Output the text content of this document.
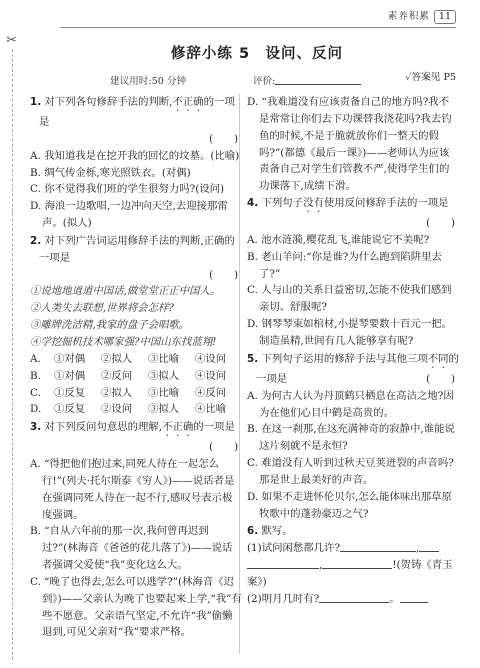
素养积累 11
✂
修辞小练 5　设问、反问
建议用时:50 分钟	评价:	✓答案见 P5
1. 对下列各句修辞手法的判断,不正确的一项是
(　　)
A. 我知道我是在挖开我的回忆的坟墓。(比喻)
B. 绸气传金栎,寒光照铁衣。(对偶)
C. 你不觉得我们班的学生很努力吗?(设问)
D. 海浪一边歌唱,一边冲向天空,去迎接那雷声。(拟人)
2. 对下列广告词运用修辞手法的判断,正确的一项是
(　　)
①说地地道道中国话,做堂堂正正中国人。
②人类失去联想,世界将会怎样?
③雕牌洗洁精,我家的盘子会唱歌。
④学挖掘机技术哪家强?中国山东找蓝翔!
A.	①对偶	②拟人	③比喻	④设问
B.	①对偶	②反问	③拟人	④设问
C.	①反复	②拟人	③比喻	④反问
D.	①反复	②设问	③拟人	④比喻
3. 对下列反问句意思的理解,不正确的一项是
(　　)
A. “得把他们抱过来,同死人待在一起怎么行!”(列夫·托尔斯泰《穷人》)——说话者是在强调同死人待在一起不行,感叹号表示极度强调。
B. “自从六年前的那一次,我何曾再迟到过?”(林海音《爸爸的花儿落了》)——说话者强调父爱使“我”变化这么大。
C. “晚了也得去,怎么可以逃学?”(林海音《迟到》)——父亲认为晚了也要起来上学,“我”有些不愿意。父亲语气坚定,不允许“我”偷懒退到,可见父亲对“我”要求严格。
D. “我难道没有应该责备自己的地方吗?我不是常常让你们去下功课替我浇花吗?我去钓鱼的时候,不是于脆就放你们一整天的假吗?”(都德《最后一课》)——老师认为应该责备自己对学生们管教不严,使得学生们的功课落下,成绩下滑。
4. 下列句子没有使用反问修辞手法的一项是
(　　)
A. 池水涟漪,樱花乱飞,谁能说它不美呢?
B. 老山羊问:“你是谁?为什么跑到陷阱里去了?”
C. 人与山的关系日益密切,怎能不使我们感到亲切、舒服呢?
D. 钢琴琴束如棺材,小提琴要数十百元一把。制造虽精,世间有几人能够享有呢?
5. 下列句子运用的修辞手法与其他三项不同的一项是	(　　)
A. 为何古人认为丹顶鹤只栖息在高洁之地?因为在他们心目中鹤是高贵的。
B. 在这一刹那,在这充满神奇的寂静中,谁能说这片刻就不是永恒?
C. 难道没有人听到过秋天豆荚迸裂的声音吗?那是世上最美好的声音。
D. 如果不走进怀伦贝尔,怎么能体味出那草原牧歌中的蓬勃豪迈之气?
6. 默写。
(1)试问闲愁都几许?	,
,	!(贺铸《青玉案》)
(2)明月几时有?	。
